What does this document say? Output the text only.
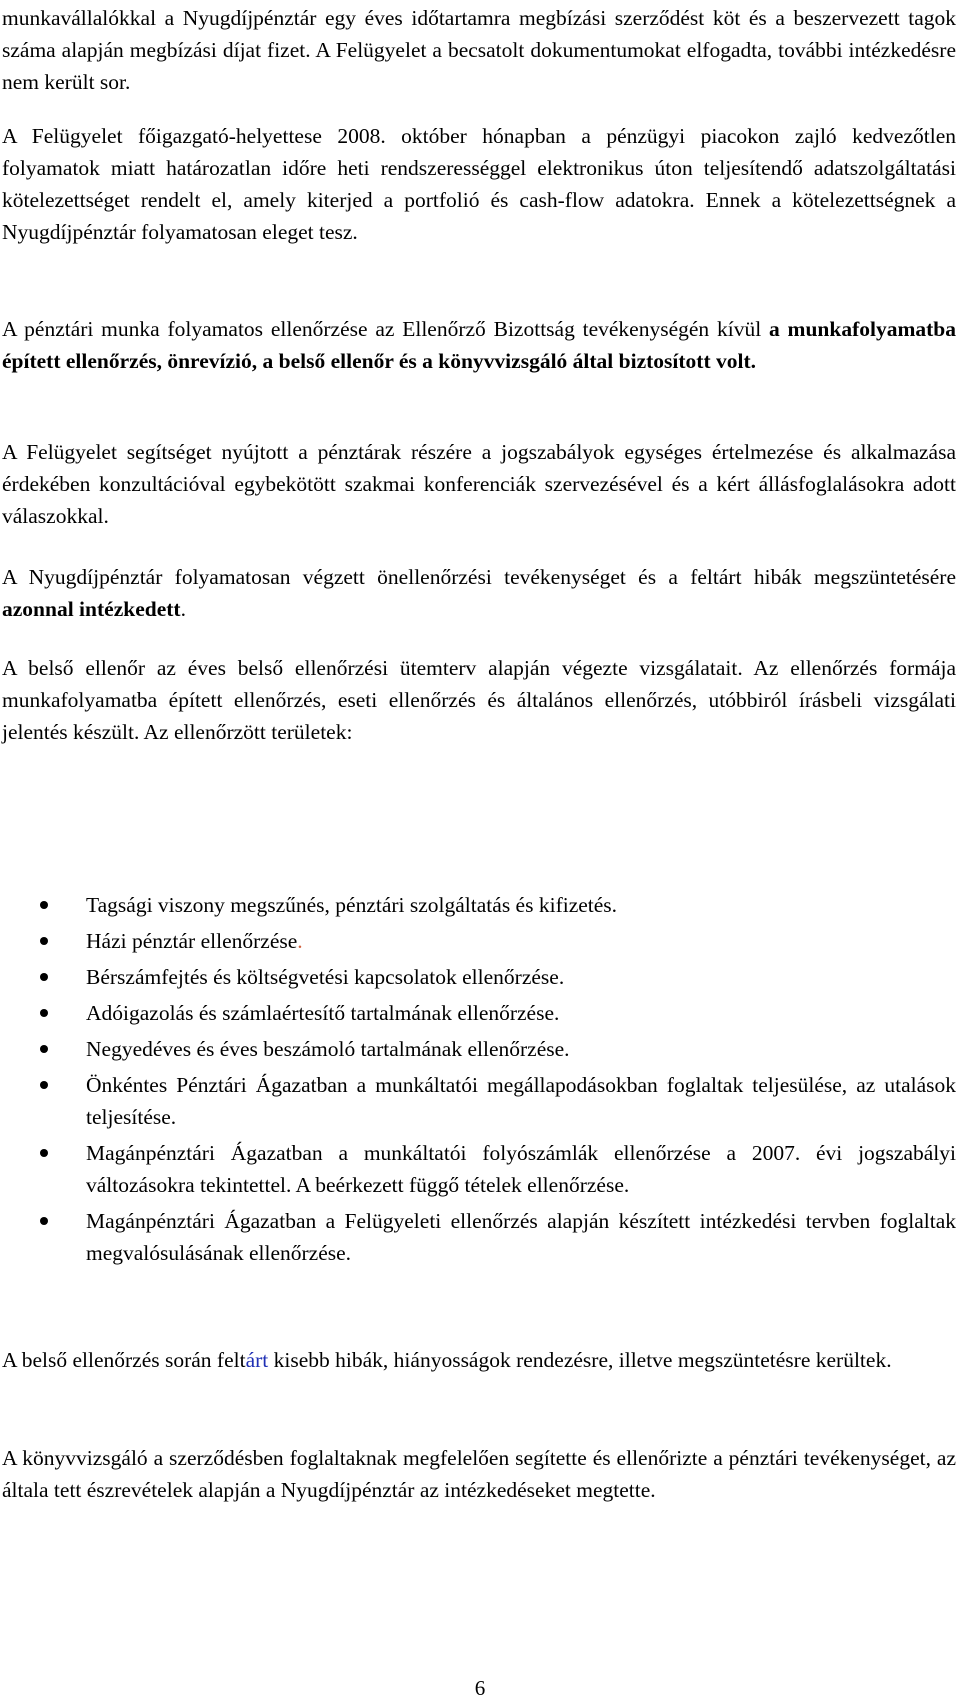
munkavállalókkal a Nyugdíjpénztár egy éves időtartamra megbízási szerződést köt és a beszervezett tagok száma alapján megbízási díjat fizet. A Felügyelet a becsatolt dokumentumokat elfogadta, további intézkedésre nem került sor.

A Felügyelet főigazgató-helyettese 2008. október hónapban a pénzügyi piacokon zajló kedvezőtlen folyamatok miatt határozatlan időre heti rendszerességgel elektronikus úton teljesítendő adatszolgáltatási kötelezettséget rendelt el, amely kiterjed a portfolió és cash-flow adatokra. Ennek a kötelezettségnek a Nyugdíjpénztár folyamatosan eleget tesz.

A pénztári munka folyamatos ellenőrzése az Ellenőrző Bizottság tevékenységén kívül a munkafolyamatba épített ellenőrzés, önrevízió, a belső ellenőr és a könyvvizsgáló által biztosított volt.

A Felügyelet segítséget nyújtott a pénztárak részére a jogszabályok egységes értelmezése és alkalmazása érdekében konzultációval egybekötött szakmai konferenciák szervezésével és a kért állásfoglalásokra adott válaszokkal.

A Nyugdíjpénztár folyamatosan végzett önellenőrzési tevékenységet és a feltárt hibák megszüntetésére azonnal intézkedett.

A belső ellenőr az éves belső ellenőrzési ütemterv alapján végezte vizsgálatait. Az ellenőrzés formája munkafolyamatba épített ellenőrzés, eseti ellenőrzés és általános ellenőrzés, utóbbiról írásbeli vizsgálati jelentés készült. Az ellenőrzött területek:

Tagsági viszony megszűnés, pénztári szolgáltatás és kifizetés.
Házi pénztár ellenőrzése.
Bérszámfejtés és költségvetési kapcsolatok ellenőrzése.
Adóigazolás és számlaértesítő tartalmának ellenőrzése.
Negyedéves és éves beszámoló tartalmának ellenőrzése.
Önkéntes Pénztári Ágazatban a munkáltatói megállapodásokban foglaltak teljesülése, az utalások teljesítése.
Magánpénztári Ágazatban a munkáltatói folyószámlák ellenőrzése a 2007. évi jogszabályi változásokra tekintettel. A beérkezett függő tételek ellenőrzése.
Magánpénztári Ágazatban a Felügyeleti ellenőrzés alapján készített intézkedési tervben foglaltak megvalósulásának ellenőrzése.

A belső ellenőrzés során feltárt kisebb hibák, hiányosságok rendezésre, illetve megszüntetésre kerültek.

A könyvvizsgáló a szerződésben foglaltaknak megfelelően segítette és ellenőrizte a pénztári tevékenységet, az általa tett észrevételek alapján a Nyugdíjpénztár az intézkedéseket megtette.

6
